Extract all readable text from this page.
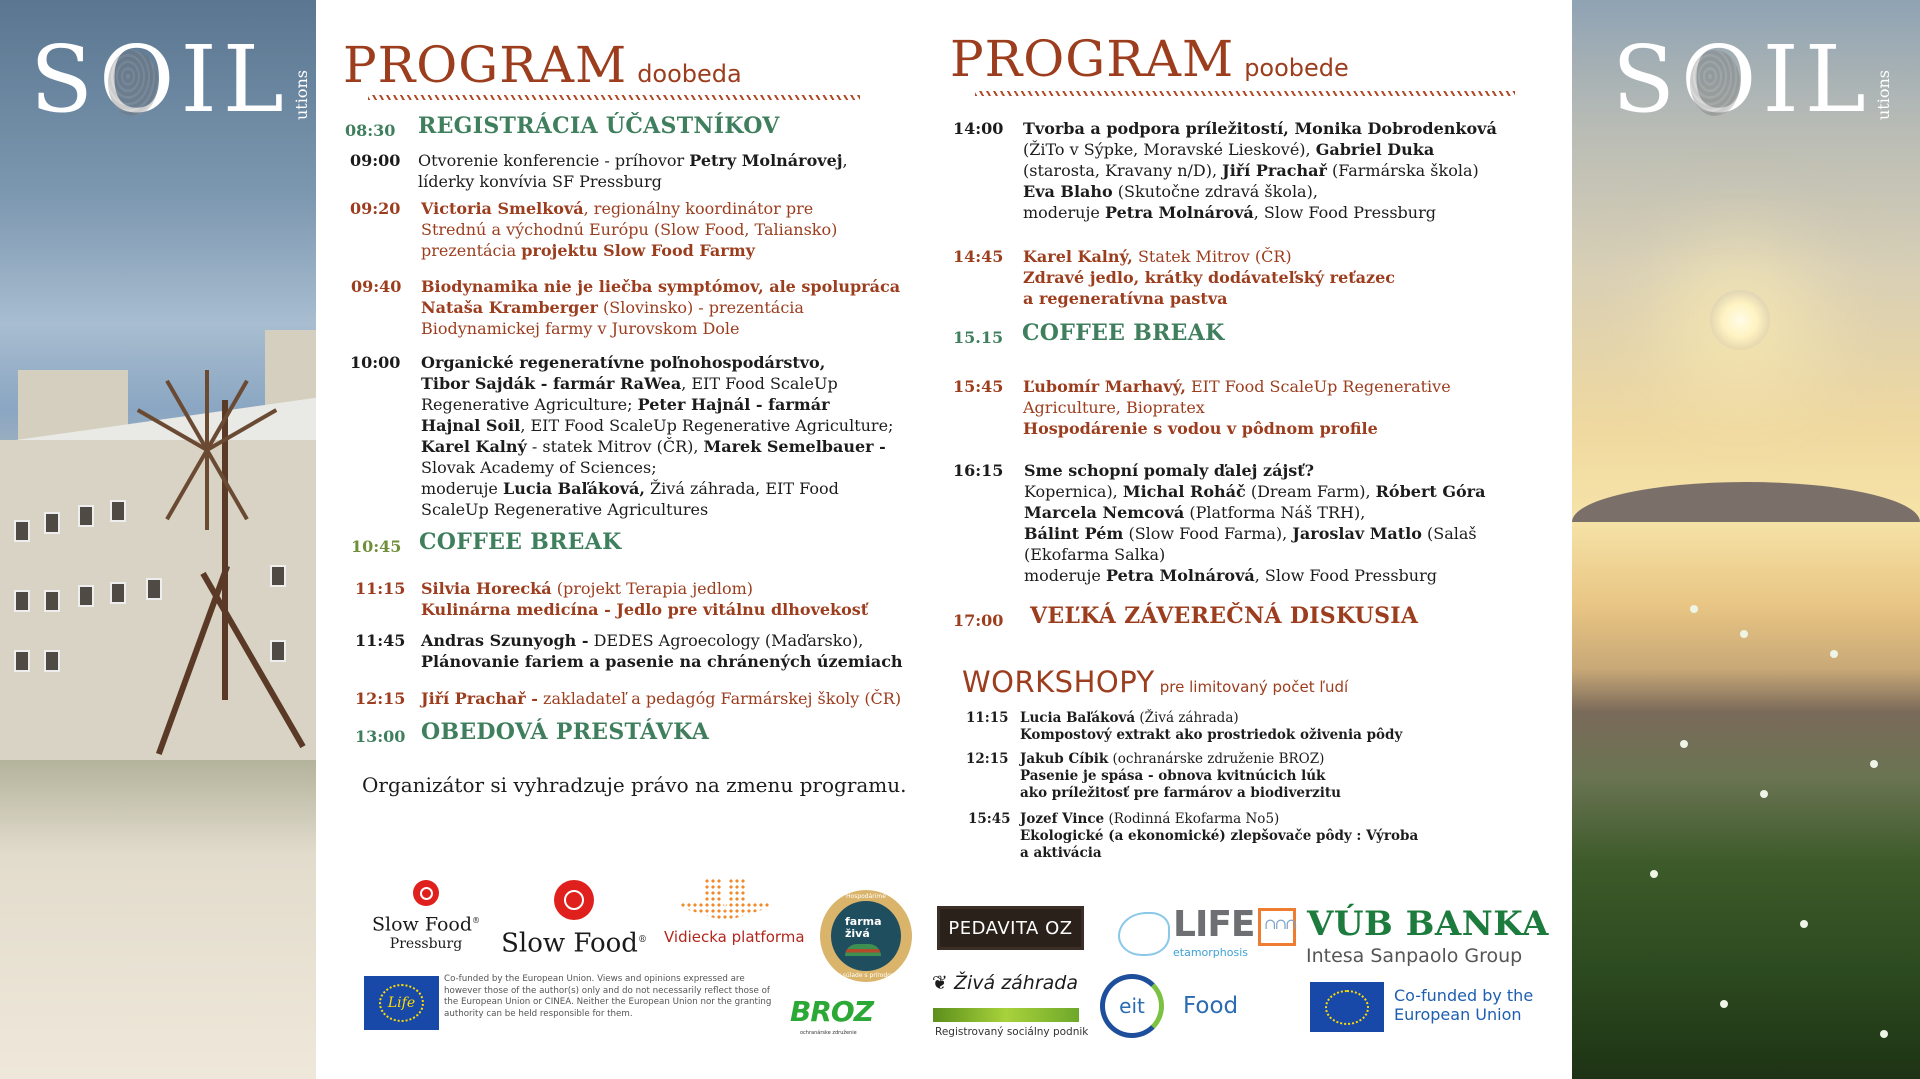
SOIL utions	SOIL utions
PROGRAM doobeda	PROGRAM poobede
08:30	REGISTRÁCIA ÚČASTNÍKOV
09:00	Otvorenie konferencie - príhovor Petry Molnárovej,
líderky konvívia SF Pressburg
09:20	Victoria Smelková, regionálny koordinátor pre
Strednú a východnú Európu (Slow Food, Taliansko)
prezentácia projektu Slow Food Farmy
09:40	Biodynamika nie je liečba symptómov, ale spolupráca
Nataša Kramberger (Slovinsko) - prezentácia
Biodynamickej farmy v Jurovskom Dole
10:00	Organické regeneratívne poľnohospodárstvo,
Tibor Sajdák - farmár RaWea, EIT Food ScaleUp
Regenerative Agriculture; Peter Hajnál - farmár
Hajnal Soil, EIT Food ScaleUp Regenerative Agriculture;
Karel Kalný - statek Mitrov (ČR), Marek Semelbauer -
Slovak Academy of Sciences;
moderuje Lucia Baľáková, Živá záhrada, EIT Food
ScaleUp Regenerative Agricultures
10:45 COFFEE BREAK
11:15 Silvia Horecká (projekt Terapia jedlom)
Kulinárna medicína - Jedlo pre vitálnu dlhovekosť
11:45 Andras Szunyogh - DEDES Agroecology (Maďarsko),
Plánovanie fariem a pasenie na chránených územiach
12:15 Jiří Prachař - zakladateľ a pedagóg Farmárskej školy (ČR)
13:00 OBEDOVÁ PRESTÁVKA
Organizátor si vyhradzuje právo na zmenu programu.
14:00	Tvorba a podpora príležitostí, Monika Dobrodenková
(ŽiTo v Sýpke, Moravské Lieskové), Gabriel Duka
(starosta, Kravany n/D), Jiří Prachař (Farmárska škola)
Eva Blaho (Skutočne zdravá škola),
moderuje Petra Molnárová, Slow Food Pressburg
14:45	Karel Kalný, Statek Mitrov (ČR)
Zdravé jedlo, krátky dodávateľský reťazec
a regeneratívna pastva
15.15 COFFEE BREAK
15:45	Ľubomír Marhavý, EIT Food ScaleUp Regenerative
Agriculture, Biopratex
Hospodárenie s vodou v pôdnom profile
16:15	Sme schopní pomaly ďalej zájsť?
Kopernica), Michal Roháč (Dream Farm), Róbert Góra
Marcela Nemcová (Platforma Náš TRH),
Bálint Pém (Slow Food Farma), Jaroslav Matlo (Salaš
(Ekofarma Salka)
moderuje Petra Molnárová, Slow Food Pressburg
17:00	VEĽKÁ ZÁVEREČNÁ DISKUSIA
WORKSHOPY pre limitovaný počet ľudí
11:15 Lucia Baľáková (Živá záhrada)
Kompostový extrakt ako prostriedok oživenia pôdy
12:15 Jakub Cíbik (ochranárske združenie BROZ)
Pasenie je spása - obnova kvitnúcich lúk
ako príležitosť pre farmárov a biodiverzitu
15:45 Jozef Vince (Rodinná Ekofarma No5)
Ekologické (a ekonomické) zlepšovače pôdy : Výroba
a aktivácia
Slow Food®
Pressburg	Slow Food®	Vidiecka platforma
Hospodárime
farma
živá
v súlade s prírodou
PEDAVITA OZ
BROZ
ochranárske združenie
❦ Živá záhrada
Registrovaný sociálny podnik
LIFE
etamorphosis
∩∩∩
VÚB BANKA
Intesa Sanpaolo Group
eit Food	Co-funded by the
European Union
Life
Co-funded by the European Union. Views and opinions expressed are however those of the author(s) only and do not necessarily reflect those of the European Union or CINEA. Neither the European Union nor the granting authority can be held responsible for them.
